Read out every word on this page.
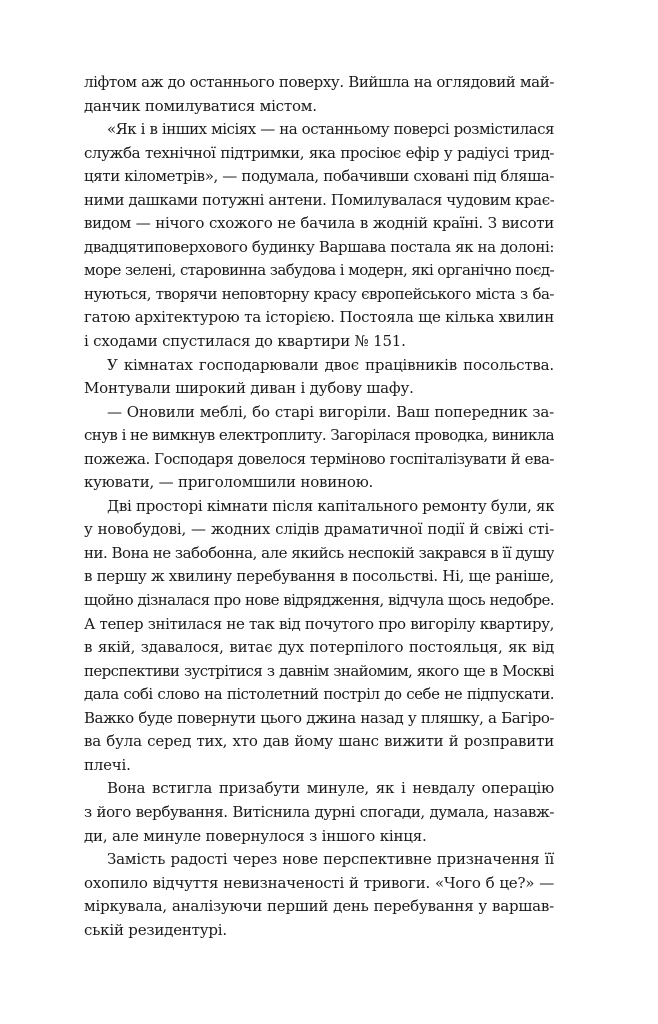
ліфтом аж до останнього поверху. Вийшла на оглядовий май-
данчик помилуватися містом.
«Як і в інших місіях — на останньому поверсі розмістилася
служба технічної підтримки, яка просіює ефір у радіусі трид-
цяти кілометрів», — подумала, побачивши сховані під бляша-
ними дашками потужні антени. Помилувалася чудовим крає-
видом — нічого схожого не бачила в жодній країні. З висоти
двадцятиповерхового будинку Варшава постала як на долоні:
море зелені, старовинна забудова і модерн, які органічно поєд-
нуються, творячи неповторну красу європейського міста з ба-
гатою архітектурою та історією. Постояла ще кілька хвилин
і сходами спустилася до квартири № 151.
У кімнатах господарювали двоє працівників посольства.
Монтували широкий диван і дубову шафу.
— Оновили меблі, бо старі вигоріли. Ваш попередник за-
снув і не вимкнув електроплиту. Загорілася проводка, виникла
пожежа. Господаря довелося терміново госпіталізувати й ева-
куювати, — приголомшили новиною.
Дві просторі кімнати після капітального ремонту були, як
у новобудові, — жодних слідів драматичної події й свіжі сті-
ни. Вона не забобонна, але якийсь неспокій закрався в її душу
в першу ж хвилину перебування в посольстві. Ні, ще раніше,
щойно дізналася про нове відрядження, відчула щось недобре.
А тепер знітилася не так від почутого про вигорілу квартиру,
в якій, здавалося, витає дух потерпілого постояльця, як від
перспективи зустрітися з давнім знайомим, якого ще в Москві
дала собі слово на пістолетний постріл до себе не підпускати.
Важко буде повернути цього джина назад у пляшку, а Багіро-
ва була серед тих, хто дав йому шанс вижити й розправити
плечі.
Вона встигла призабути минуле, як і невдалу операцію
з його вербування. Витіснила дурні спогади, думала, назавж-
ди, але минуле повернулося з іншого кінця.
Замість радості через нове перспективне призначення її
охопило відчуття невизначеності й тривоги. «Чого б це?» —
міркувала, аналізуючи перший день перебування у варшав-
ській резидентурі.
